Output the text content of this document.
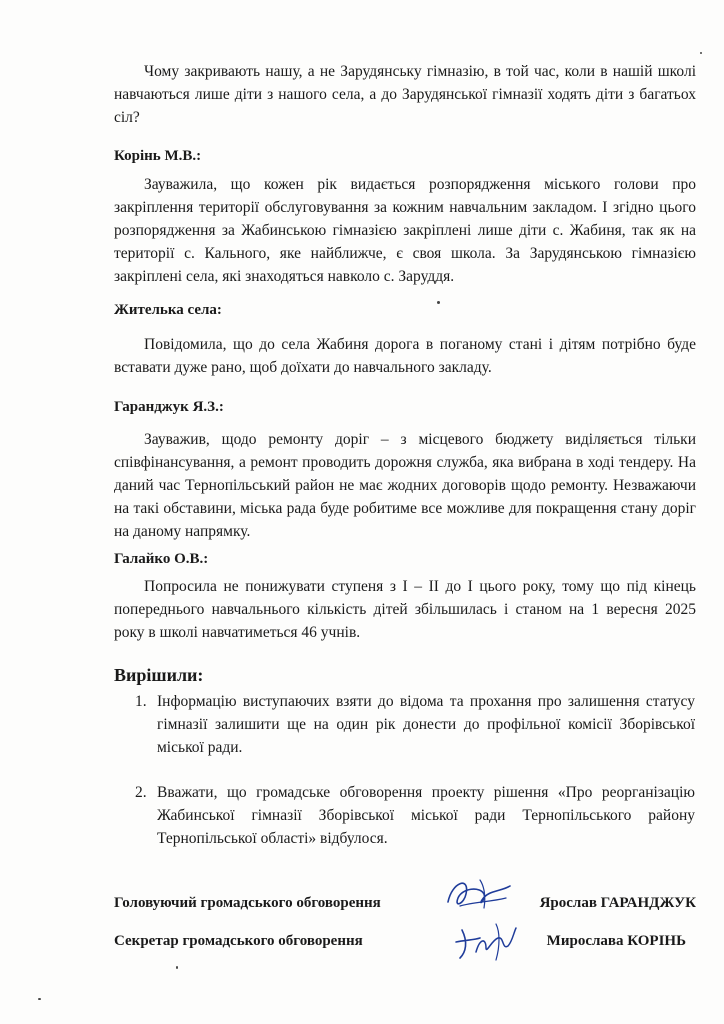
Чому закривають нашу, а не Зарудянську гімназію, в той час, коли в нашій школі навчаються лише діти з нашого села, а до Зарудянської гімназії ходять діти з багатьох сіл?

Корінь М.В.:

Зауважила, що кожен рік видається розпорядження міського голови про закріплення території обслуговування за кожним навчальним закладом. І згідно цього розпорядження за Жабинською гімназією закріплені лише діти с. Жабиня, так як на території с. Кального, яке найближче, є своя школа. За Зарудянською гімназією закріплені села, які знаходяться навколо с. Заруддя.

Жителька села:

Повідомила, що до села Жабиня дорога в поганому стані і дітям потрібно буде вставати дуже рано, щоб доїхати до навчального закладу.

Гаранджук Я.З.:

Зауважив, щодо ремонту доріг – з місцевого бюджету виділяється тільки співфінансування, а ремонт проводить дорожня служба, яка вибрана в ході тендеру. На даний час Тернопільський район не має жодних договорів щодо ремонту. Незважаючи на такі обставини, міська рада буде робитиме все можливе для покращення стану доріг на даному напрямку.

Галайко О.В.:

Попросила не понижувати ступеня з І – ІІ до І цього року, тому що під кінець попереднього навчальнього кількість дітей збільшилась і станом на 1 вересня 2025 року в школі навчатиметься 46 учнів.

Вирішили:

1. Інформацію виступаючих взяти до відома та прохання про залишення статусу гімназії залишити ще на один рік донести до профільної комісії Зборівської міської ради.
2. Вважати, що громадське обговорення проекту рішення «Про реорганізацію Жабинської гімназії Зборівської міської ради Тернопільського району Тернопільської області» відбулося.

Головуючий громадського обговорення	Ярослав ГАРАНДЖУК

Секретар громадського обговорення	Мирослава КОРІНЬ
